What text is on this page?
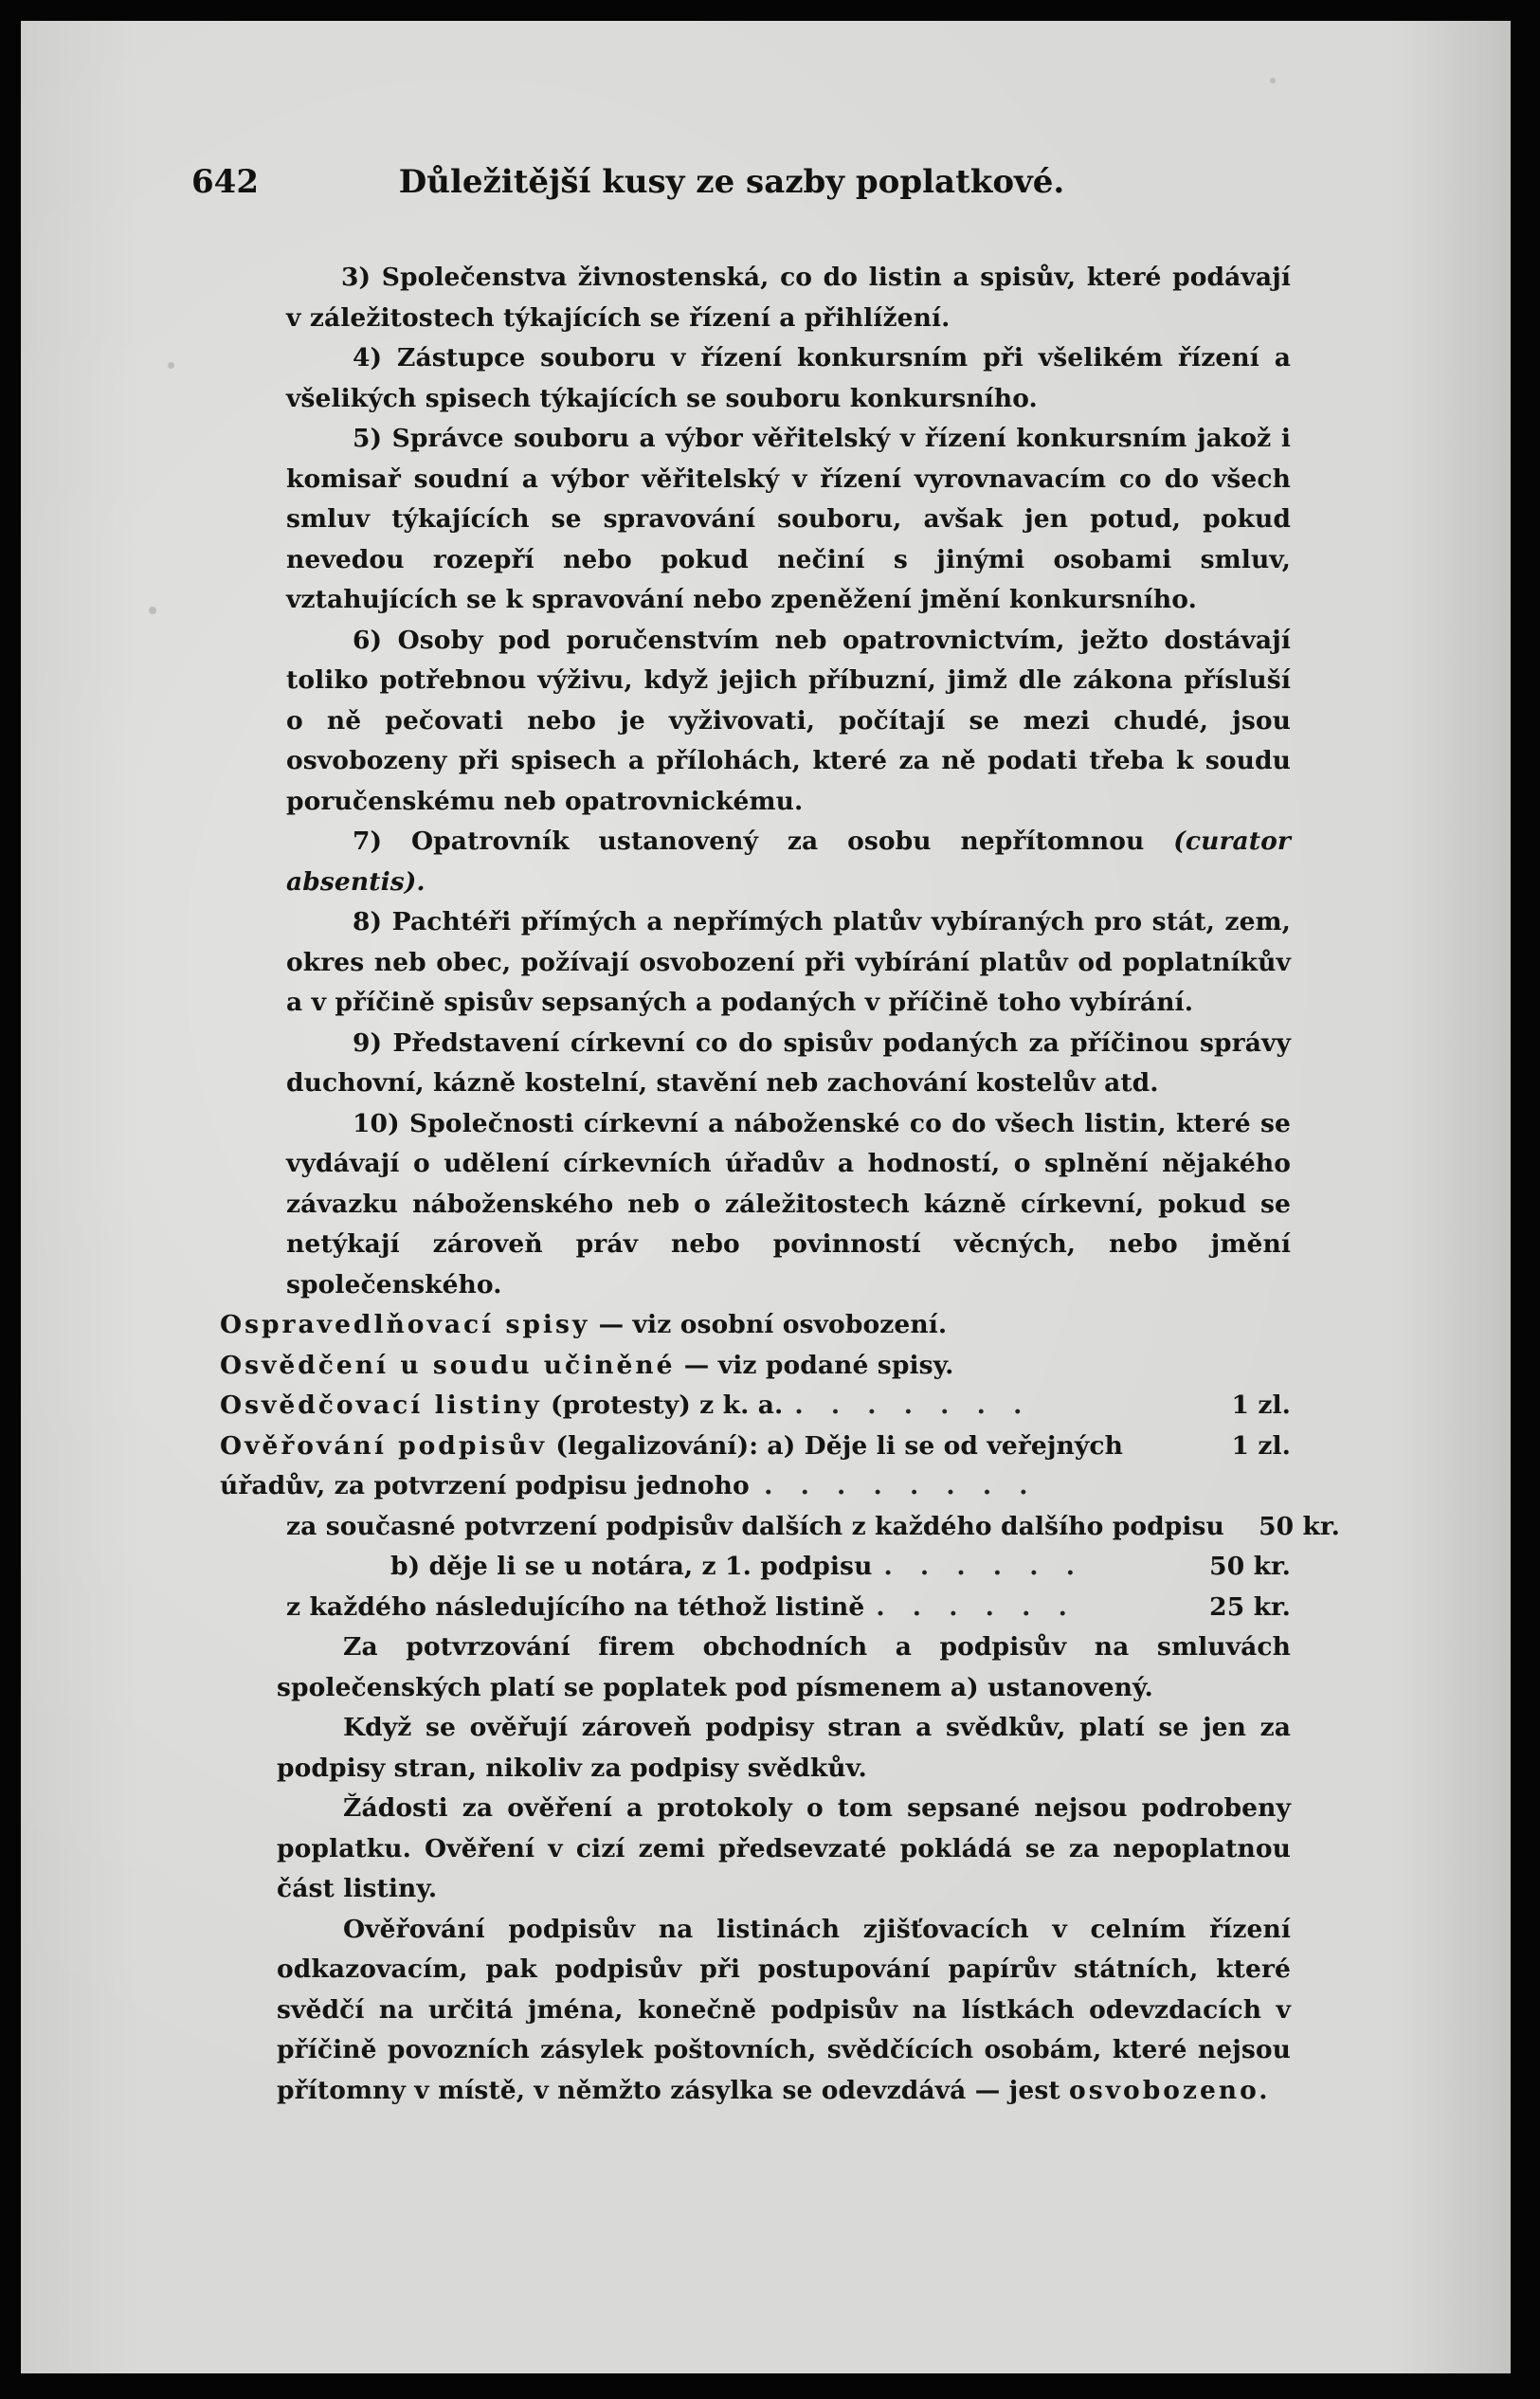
642	Důležitější kusy ze sazby poplatkové.

3) Společenstva živnostenská, co do listin a spisův, které podávají v záležitostech týkajících se řízení a přihlížení.

4) Zástupce souboru v řízení konkursním při všelikém řízení a všelikých spisech týkajících se souboru konkursního.

5) Správce souboru a výbor věřitelský v řízení konkursním jakož i komisař soudní a výbor věřitelský v řízení vyrovnavacím co do všech smluv týkajících se spravování souboru, avšak jen potud, pokud nevedou rozepří nebo pokud nečiní s jinými osobami smluv, vztahujících se k spravování nebo zpeněžení jmění konkursního.

6) Osoby pod poručenstvím neb opatrovnictvím, ježto dostávají toliko potřebnou výživu, když jejich příbuzní, jimž dle zákona přísluší o ně pečovati nebo je vyživovati, počítají se mezi chudé, jsou osvobozeny při spisech a přílohách, které za ně podati třeba k soudu poručenskému neb opatrovnickému.

7) Opatrovník ustanovený za osobu nepřítomnou (curator absentis).

8) Pachtéři přímých a nepřímých platův vybíraných pro stát, zem, okres neb obec, požívají osvobození při vybírání platův od poplatníkův a v příčině spisův sepsaných a podaných v příčině toho vybírání.

9) Představení církevní co do spisův podaných za příčinou správy duchovní, kázně kostelní, stavění neb zachování kostelův atd.

10) Společnosti církevní a náboženské co do všech listin, které se vydávají o udělení církevních úřadův a hodností, o splnění nějakého závazku náboženského neb o záležitostech kázně církevní, pokud se netýkají zároveň práv nebo povinností věcných, nebo jmění společenského.

Ospravedlňovací spisy — viz osobní osvobození.

Osvědčení u soudu učiněné — viz podané spisy.

Osvědčovací listiny (protesty) z k. a. . . . . . . .	1 zl.

Ověřování podpisův (legalizování): a) Děje li se od veřejných úřadův, za potvrzení podpisu jednoho . . . . . . . .
1 zl.

za současné potvrzení podpisův dalších z každého dalšího podpisu	50 kr.

b) děje li se u notára, z 1. podpisu . . . . . .	50 kr.

z každého následujícího na téthož listině . . . . . .	25 kr.

Za potvrzování firem obchodních a podpisův na smluvách společenských platí se poplatek pod písmenem a) ustanovený.

Když se ověřují zároveň podpisy stran a svědkův, platí se jen za podpisy stran, nikoliv za podpisy svědkův.

Žádosti za ověření a protokoly o tom sepsané nejsou podrobeny poplatku. Ověření v cizí zemi předsevzaté pokládá se za nepoplatnou část listiny.

Ověřování podpisův na listinách zjišťovacích v celním řízení odkazovacím, pak podpisův při postupování papírův státních, které svědčí na určitá jména, konečně podpisův na lístkách odevzdacích v příčině povozních zásylek poštovních, svědčících osobám, které nejsou přítomny v místě, v němžto zásylka se odevzdává — jest osvobozeno.
